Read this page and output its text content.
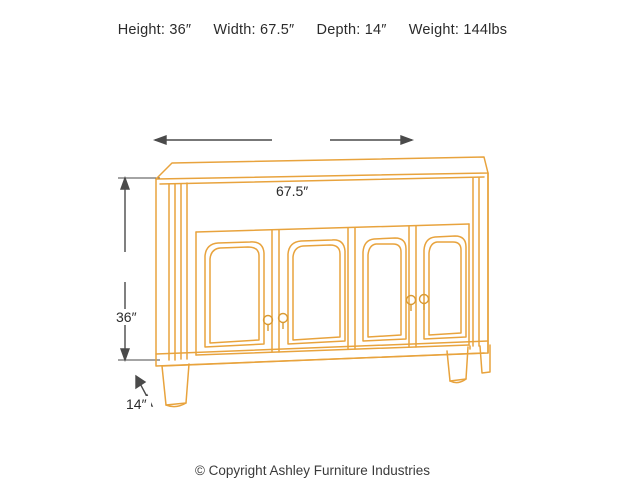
Height: 36″ Width: 67.5″ Depth: 14″ Weight: 144lbs
67.5″
36″
14″
© Copyright Ashley Furniture Industries
